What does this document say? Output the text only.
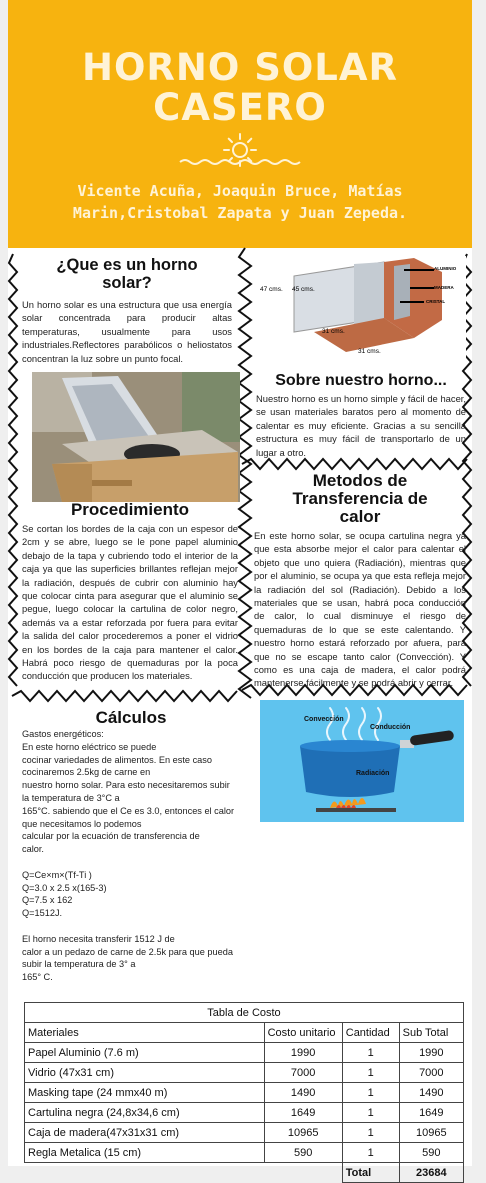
HORNO SOLAR
CASERO
Vicente Acuña, Joaquin Bruce, Matías
Marin,Cristobal Zapata y Juan Zepeda.
¿Que es un horno
solar?

Un horno solar es una estructura que usa energía solar concentrada para producir altas temperaturas, usualmente para usos industriales.Reflectores parabólicos o heliostatos concentran la luz sobre un punto focal.

47 cms. 45 cms.
31 cms.
31 cms.
ALUMINIO
MADERA
CRISTAL
Sobre nuestro horno...

Nuestro horno es un horno simple y fácil de hacer, se usan materiales baratos pero al momento de calentar es muy eficiente. Gracias a su sencilla estructura es muy fácil de transportarlo de un lugar a otro.

Procedimiento

Se cortan los bordes de la caja con un espesor de 2cm y se abre, luego se le pone papel aluminio debajo de la tapa y cubriendo todo el interior de la caja ya que las superficies brillantes reflejan mejor la radiación, después de cubrir con aluminio hay que colocar cinta para asegurar que el aluminio se pegue, luego colocar la cartulina de color negro, además va a estar reforzada por fuera para evitar la salida del calor procederemos a poner el vidrio en los bordes de la caja para mantener el calor. Habrá poco riesgo de quemaduras por la poca conducción que producen los materiales.

Metodos de
Transferencia de
calor

En este horno solar, se ocupa cartulina negra ya que esta absorbe mejor el calor para calentar el objeto que uno quiera (Radiación), mientras que por el aluminio, se ocupa ya que esta refleja mejor la radiación del sol (Radiación). Debido a los materiales que se usan, habrá poca conducción de calor, lo cual disminuye el riesgo de quemaduras de lo que se este calentando. Y nuestro horno estará reforzado por afuera, para que no se escape tanto calor (Convección). Y como es una caja de madera, el calor podrá mantenerse fácilmente y se podrá abrir y cerrar.

Convección
Conducción
Radiación
Cálculos
Gastos energéticos:
En este horno eléctrico se puede
cocinar variedades de alimentos. En este caso
cocinaremos 2.5kg de carne en
nuestro horno solar. Para esto necesitaremos subir
la temperatura de 3°C a
165°C. sabiendo que el Ce es 3.0, entonces el calor
que necesitamos lo podemos
calcular por la ecuación de transferencia de
calor.
Q=Ce×m×(Tf-Ti )
Q=3.0 x 2.5 x(165-3)
Q=7.5 x 162
Q=1512J.
El horno necesita transferir 1512 J de
calor a un pedazo de carne de 2.5k para que pueda
subir la temperatura de 3° a
165° C.
Tabla de Costo			
Materiales	Costo unitario	Cantidad	Sub Total
Papel Aluminio (7.6 m)	1990	1	1990
Vidrio (47x31 cm)	7000	1	7000
Masking tape (24 mmx40 m)	1490	1	1490
Cartulina negra (24,8x34,6 cm)	1649	1	1649
Caja de madera(47x31x31 cm)	10965	1	10965
Regla Metalica (15 cm)	590	1	590
		Total	23684
